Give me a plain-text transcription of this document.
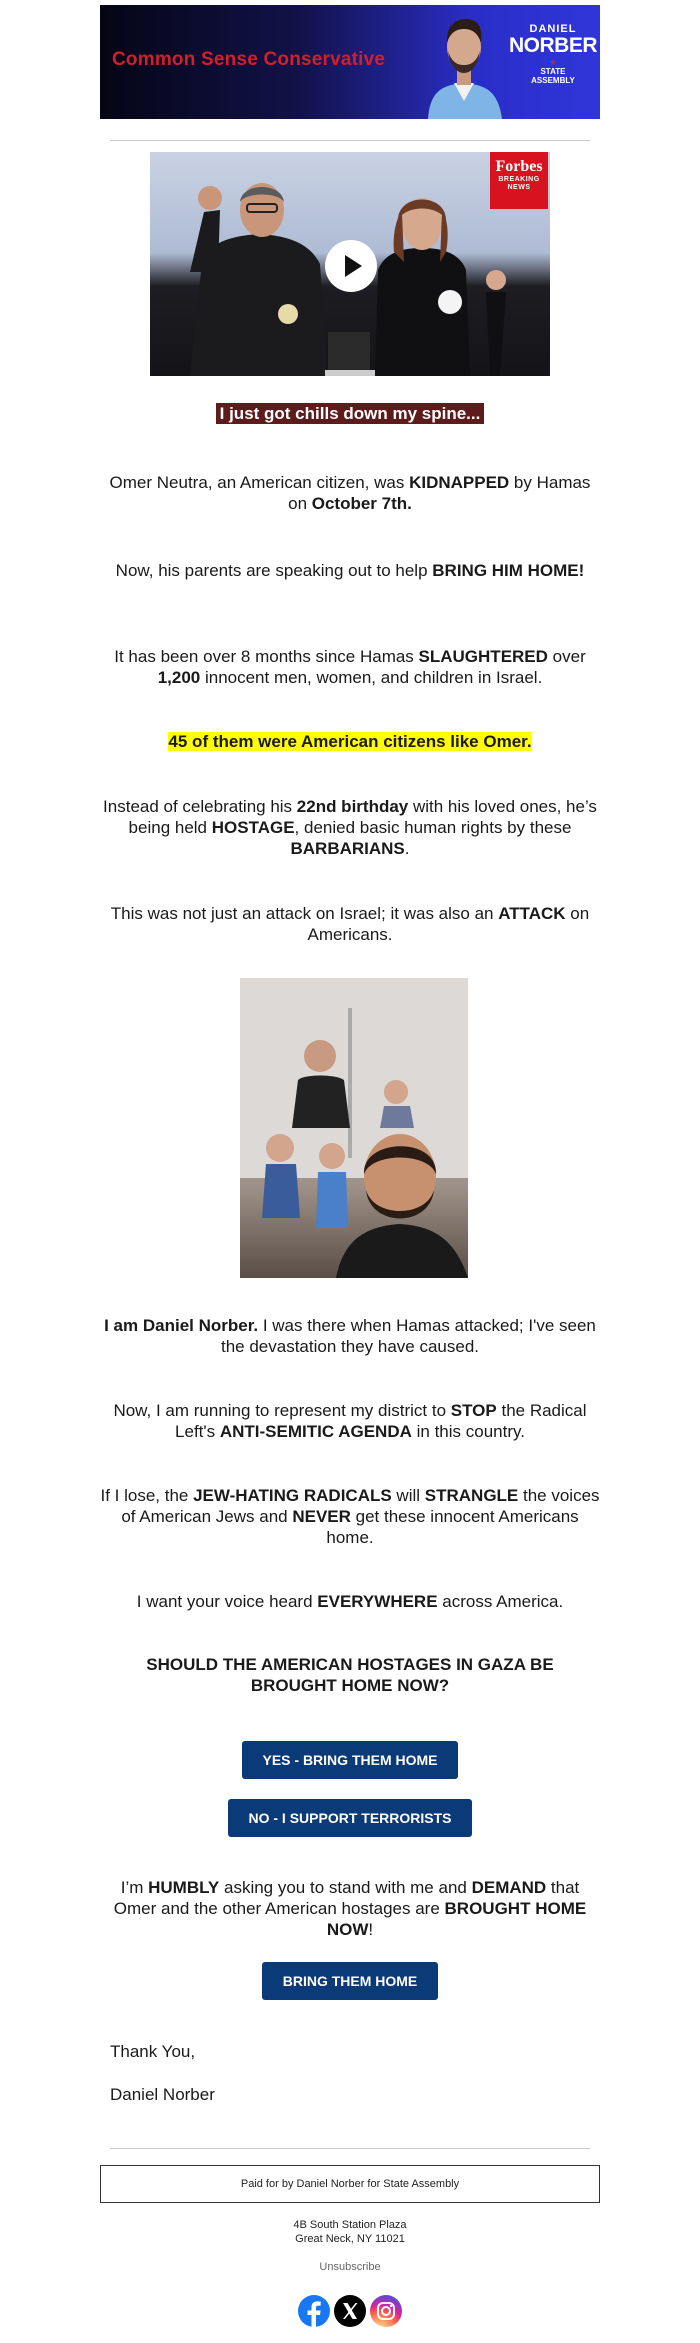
Common Sense Conservative
DANIEL
NORBER
★
STATE
ASSEMBLY
Forbes
BREAKING
NEWS
I just got chills down my spine...
Omer Neutra, an American citizen, was KIDNAPPED by Hamas on October 7th.
Now, his parents are speaking out to help BRING HIM HOME!
It has been over 8 months since Hamas SLAUGHTERED over 1,200 innocent men, women, and children in Israel.
45 of them were American citizens like Omer.
Instead of celebrating his 22nd birthday with his loved ones, he’s being held HOSTAGE, denied basic human rights by these BARBARIANS.
This was not just an attack on Israel; it was also an ATTACK on Americans.
I am Daniel Norber. I was there when Hamas attacked; I've seen the devastation they have caused.
Now, I am running to represent my district to STOP the Radical Left's ANTI-SEMITIC AGENDA in this country.
If I lose, the JEW-HATING RADICALS will STRANGLE the voices of American Jews and NEVER get these innocent Americans home.
I want your voice heard EVERYWHERE across America.
SHOULD THE AMERICAN HOSTAGES IN GAZA BE BROUGHT HOME NOW?
YES - BRING THEM HOME
NO - I SUPPORT TERRORISTS
I’m HUMBLY asking you to stand with me and DEMAND that Omer and the other American hostages are BROUGHT HOME NOW!
BRING THEM HOME
Thank You,
Daniel Norber
Paid for by Daniel Norber for State Assembly
4B South Station Plaza
Great Neck, NY 11021
Unsubscribe
